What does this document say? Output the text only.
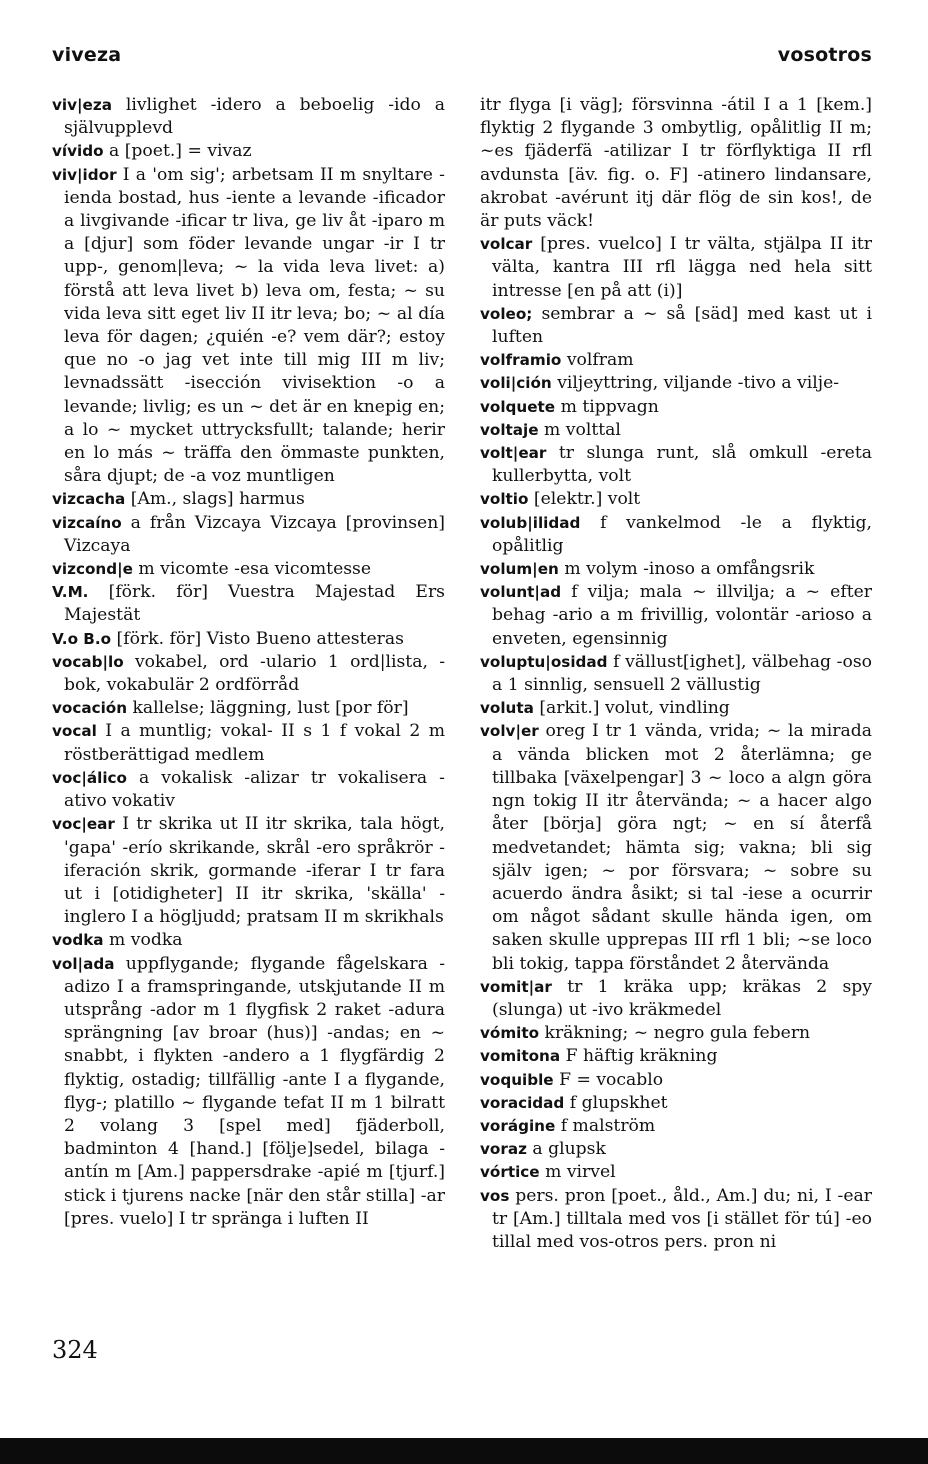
viveza	vosotros

viv|eza livlighet -idero a beboelig -ido a självupplevd

vívido a [poet.] = vivaz

viv|idor I a 'om sig'; arbetsam II m snyltare -ienda bostad, hus -iente a levande -ificador a livgivande -ificar tr liva, ge liv åt -iparo m a [djur] som föder levande ungar -ir I tr upp-, genom|leva; ~ la vida leva livet: a) förstå att leva livet b) leva om, festa; ~ su vida leva sitt eget liv II itr leva; bo; ~ al día leva för dagen; ¿quién -e? vem där?; estoy que no -o jag vet inte till mig III m liv; levnadssätt -isección vivisektion -o a levande; livlig; es un ~ det är en knepig en; a lo ~ mycket uttrycksfullt; talande; herir en lo más ~ träffa den ömmaste punkten, såra djupt; de -a voz muntligen

vizcacha [Am., slags] harmus

vizcaíno a från Vizcaya Vizcaya [provinsen] Vizcaya

vizcond|e m vicomte -esa vicomtesse

V.M. [förk. för] Vuestra Majestad Ers Majestät

V.o B.o [förk. för] Visto Bueno attesteras

vocab|lo vokabel, ord -ulario 1 ord|lista, -bok, vokabulär 2 ordförråd

vocación kallelse; läggning, lust [por för]

vocal I a muntlig; vokal- II s 1 f vokal 2 m röstberättigad medlem

voc|álico a vokalisk -alizar tr vokalisera -ativo vokativ

voc|ear I tr skrika ut II itr skrika, tala högt, 'gapa' -erío skrikande, skrål -ero språkrör -iferación skrik, gormande -iferar I tr fara ut i [otidigheter] II itr skrika, 'skälla' -inglero I a högljudd; pratsam II m skrikhals

vodka m vodka

vol|ada uppflygande; flygande fågelskara -adizo I a framspringande, utskjutande II m utsprång -ador m 1 flygfisk 2 raket -adura sprängning [av broar (hus)] -andas; en ~ snabbt, i flykten -andero a 1 flygfärdig 2 flyktig, ostadig; tillfällig -ante I a flygande, flyg-; platillo ~ flygande tefat II m 1 bilratt 2 volang 3 [spel med] fjäderboll, badminton 4 [hand.] [följe]sedel, bilaga -antín m [Am.] pappersdrake -apié m [tjurf.] stick i tjurens nacke [när den står stilla] -ar [pres. vuelo] I tr spränga i luften II

itr flyga [i väg]; försvinna -átil I a 1 [kem.] flyktig 2 flygande 3 ombytlig, opålitlig II m; ~es fjäderfä -atilizar I tr förflyktiga II rfl avdunsta [äv. fig. o. F] -atinero lindansare, akrobat -avérunt itj där flög de sin kos!, de är puts väck!

volcar [pres. vuelco] I tr välta, stjälpa II itr välta, kantra III rfl lägga ned hela sitt intresse [en på att (i)]

voleo; sembrar a ~ så [säd] med kast ut i luften

volframio volfram

voli|ción viljeyttring, viljande -tivo a vilje-

volquete m tippvagn

voltaje m volttal

volt|ear tr slunga runt, slå omkull -ereta kullerbytta, volt

voltio [elektr.] volt

volub|ilidad f vankelmod -le a flyktig, opålitlig

volum|en m volym -inoso a omfångsrik

volunt|ad f vilja; mala ~ illvilja; a ~ efter behag -ario a m frivillig, volontär -arioso a enveten, egensinnig

voluptu|osidad f vällust[ighet], välbehag -oso a 1 sinnlig, sensuell 2 vällustig

voluta [arkit.] volut, vindling

volv|er oreg I tr 1 vända, vrida; ~ la mirada a vända blicken mot 2 återlämna; ge tillbaka [växelpengar] 3 ~ loco a algn göra ngn tokig II itr återvända; ~ a hacer algo åter [börja] göra ngt; ~ en sí återfå medvetandet; hämta sig; vakna; bli sig själv igen; ~ por försvara; ~ sobre su acuerdo ändra åsikt; si tal -iese a ocurrir om något sådant skulle hända igen, om saken skulle upprepas III rfl 1 bli; ~se loco bli tokig, tappa förståndet 2 återvända

vomit|ar tr 1 kräka upp; kräkas 2 spy (slunga) ut -ivo kräkmedel

vómito kräkning; ~ negro gula febern

vomitona F häftig kräkning

voquible F = vocablo

voracidad f glupskhet

vorágine f malström

voraz a glupsk

vórtice m virvel

vos pers. pron [poet., åld., Am.] du; ni, I -ear tr [Am.] tilltala med vos [i stället för tú] -eo tillal med vos-otros pers. pron ni

324
